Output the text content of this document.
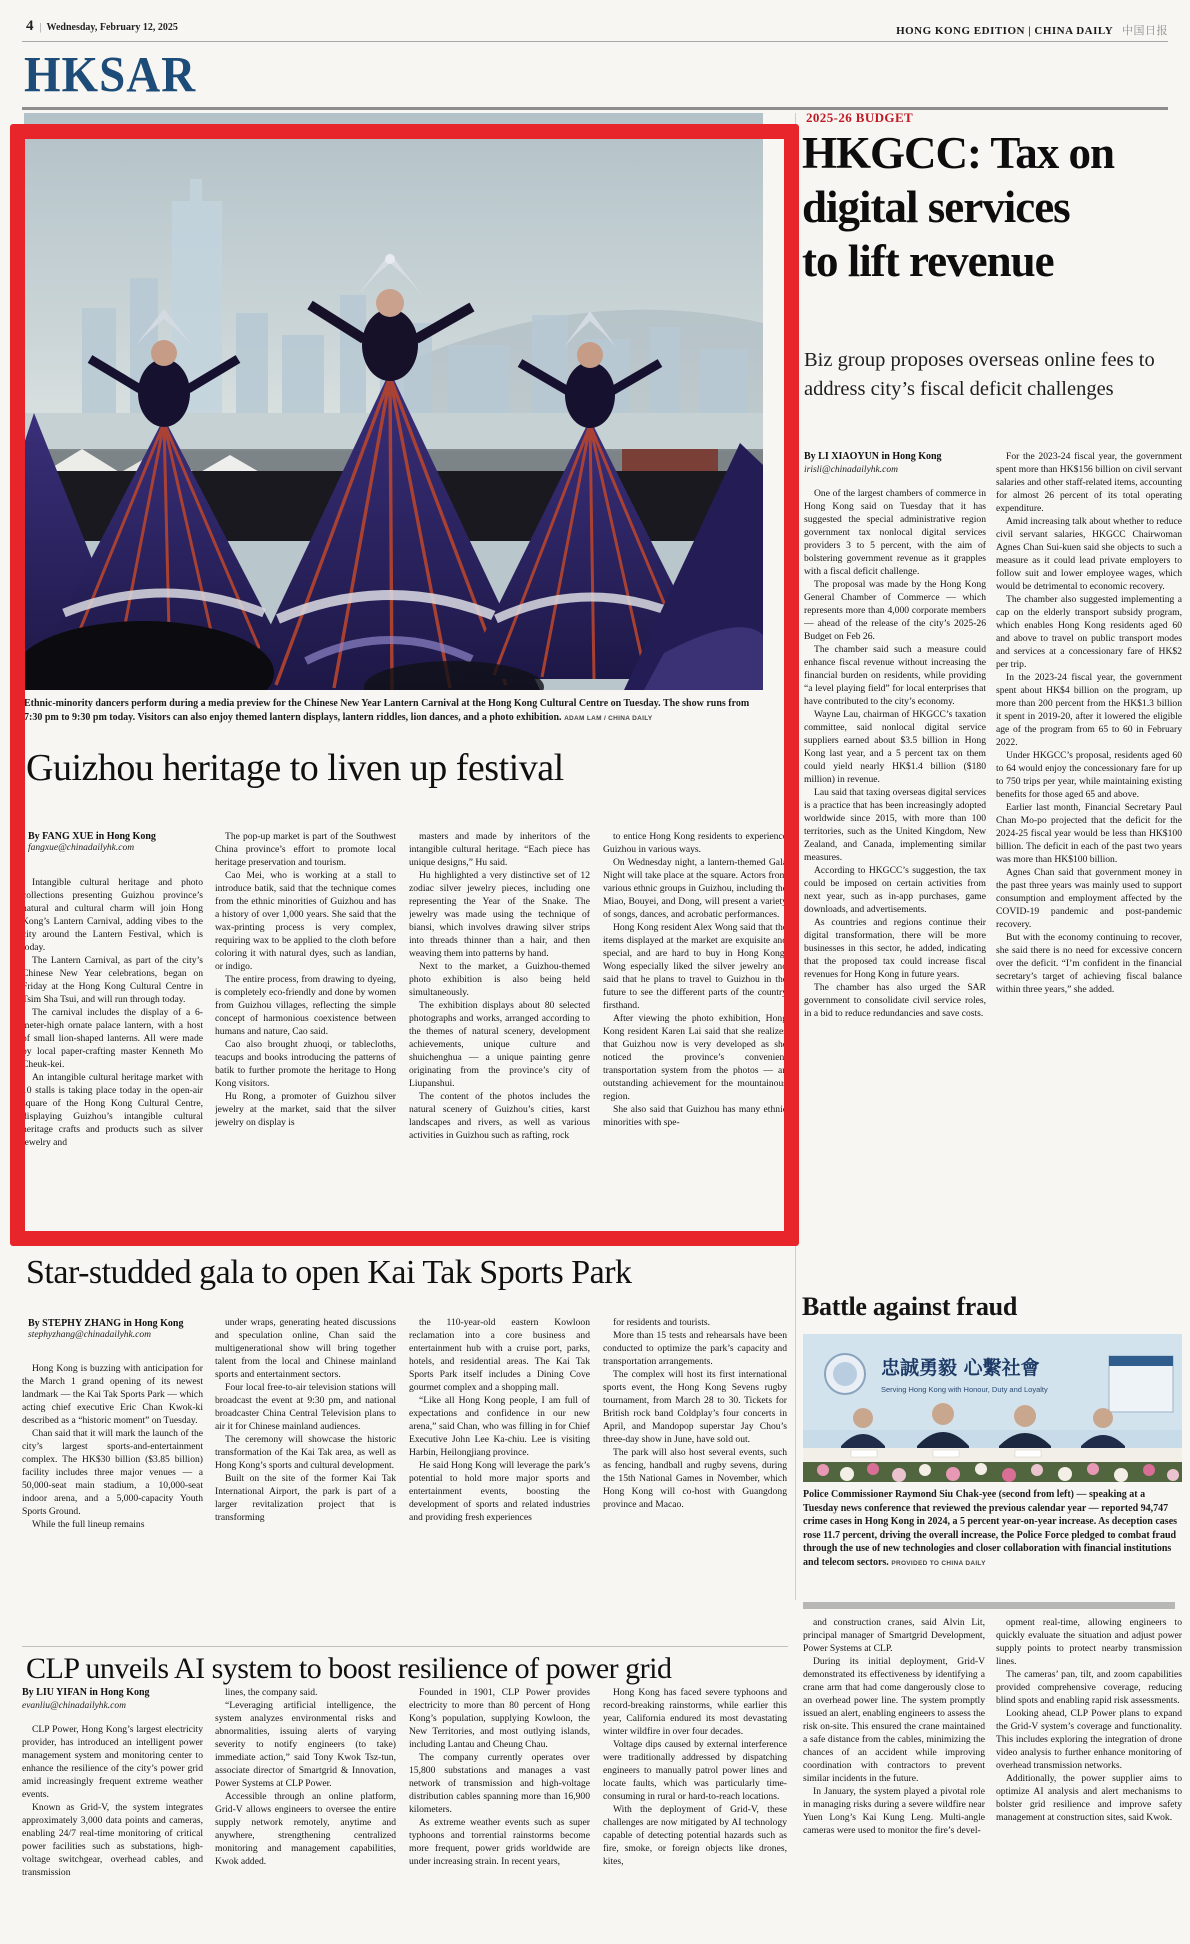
4 | Wednesday, February 12, 2025	HONG KONG EDITION | CHINA DAILY 中国日报
HKSAR
Ethnic-minority dancers perform during a media preview for the Chinese New Year Lantern Carnival at the Hong Kong Cultural Centre on Tuesday. The show runs from 7:30 pm to 9:30 pm today. Visitors can also enjoy themed lantern displays, lantern riddles, lion dances, and a photo exhibition. ADAM LAM / CHINA DAILY
Guizhou heritage to liven up festival
By FANG XUE in Hong Kong
fangxue@chinadailyhk.com

Intangible cultural heritage and photo collections presenting Guizhou province’s natural and cultural charm will join Hong Kong’s Lantern Carnival, adding vibes to the city around the Lantern Festival, which is today.

The Lantern Carnival, as part of the city’s Chinese New Year celebrations, began on Friday at the Hong Kong Cultural Centre in Tsim Sha Tsui, and will run through today.

The carnival includes the display of a 6-meter-high ornate palace lantern, with a host of small lion-shaped lanterns. All were made by local paper-crafting master Kenneth Mo Cheuk-kei.

An intangible cultural heritage market with 10 stalls is taking place today in the open-air square of the Hong Kong Cultural Centre, displaying Guizhou’s intangible cultural heritage crafts and products such as silver jewelry and

The pop-up market is part of the Southwest China province’s effort to promote local heritage preservation and tourism.

Cao Mei, who is working at a stall to introduce batik, said that the technique comes from the ethnic minorities of Guizhou and has a history of over 1,000 years. She said that the wax-printing process is very complex, requiring wax to be applied to the cloth before coloring it with natural dyes, such as landian, or indigo.

The entire process, from drawing to dyeing, is completely eco-friendly and done by women from Guizhou villages, reflecting the simple concept of harmonious coexistence between humans and nature, Cao said.

Cao also brought zhuoqi, or tablecloths, teacups and books introducing the patterns of batik to further promote the heritage to Hong Kong visitors.

Hu Rong, a promoter of Guizhou silver jewelry at the market, said that the silver jewelry on display is

masters and made by inheritors of the intangible cultural heritage. “Each piece has unique designs,” Hu said.

Hu highlighted a very distinctive set of 12 zodiac silver jewelry pieces, including one representing the Year of the Snake. The jewelry was made using the technique of biansi, which involves drawing silver strips into threads thinner than a hair, and then weaving them into patterns by hand.

Next to the market, a Guizhou-themed photo exhibition is also being held simultaneously.

The exhibition displays about 80 selected photographs and works, arranged according to the themes of natural scenery, development achievements, unique culture and shuichenghua — a unique painting genre originating from the province’s city of Liupanshui.

The content of the photos includes the natural scenery of Guizhou’s cities, karst landscapes and rivers, as well as various activities in Guizhou such as rafting, rock

to entice Hong Kong residents to experience Guizhou in various ways.

On Wednesday night, a lantern-themed Gala Night will take place at the square. Actors from various ethnic groups in Guizhou, including the Miao, Bouyei, and Dong, will present a variety of songs, dances, and acrobatic performances.

Hong Kong resident Alex Wong said that the items displayed at the market are exquisite and special, and are hard to buy in Hong Kong. Wong especially liked the silver jewelry and said that he plans to travel to Guizhou in the future to see the different parts of the country firsthand.

After viewing the photo exhibition, Hong Kong resident Karen Lai said that she realizes that Guizhou now is very developed as she noticed the province’s convenient transportation system from the photos — an outstanding achievement for the mountainous region.

She also said that Guizhou has many ethnic minorities with spe-

2025-26 BUDGET

HKGCC: Tax on

digital services

to lift revenue

Biz group proposes overseas online fees to address city’s fiscal deficit challenges
By LI XIAOYUN in Hong Kong
irisli@chinadailyhk.com

One of the largest chambers of commerce in Hong Kong said on Tuesday that it has suggested the special administrative region government tax nonlocal digital services providers 3 to 5 percent, with the aim of bolstering government revenue as it grapples with a fiscal deficit challenge.

The proposal was made by the Hong Kong General Chamber of Commerce — which represents more than 4,000 corporate members — ahead of the release of the city’s 2025-26 Budget on Feb 26.

The chamber said such a measure could enhance fiscal revenue without increasing the financial burden on residents, while providing “a level playing field” for local enterprises that have contributed to the city’s economy.

Wayne Lau, chairman of HKGCC’s taxation committee, said nonlocal digital service suppliers earned about $3.5 billion in Hong Kong last year, and a 5 percent tax on them could yield nearly HK$1.4 billion ($180 million) in revenue.

Lau said that taxing overseas digital services is a practice that has been increasingly adopted worldwide since 2015, with more than 100 territories, such as the United Kingdom, New Zealand, and Canada, implementing similar measures.

According to HKGCC’s suggestion, the tax could be imposed on certain activities from next year, such as in-app purchases, game downloads, and advertisements.

As countries and regions continue their digital transformation, there will be more businesses in this sector, he added, indicating that the proposed tax could increase fiscal revenues for Hong Kong in future years.

The chamber has also urged the SAR government to consolidate civil service roles, in a bid to reduce redundancies and save costs.

For the 2023-24 fiscal year, the government spent more than HK$156 billion on civil servant salaries and other staff-related items, accounting for almost 26 percent of its total operating expenditure.

Amid increasing talk about whether to reduce civil servant salaries, HKGCC Chairwoman Agnes Chan Sui-kuen said she objects to such a measure as it could lead private employers to follow suit and lower employee wages, which would be detrimental to economic recovery.

The chamber also suggested implementing a cap on the elderly transport subsidy program, which enables Hong Kong residents aged 60 and above to travel on public transport modes and services at a concessionary fare of HK$2 per trip.

In the 2023-24 fiscal year, the government spent about HK$4 billion on the program, up more than 200 percent from the HK$1.3 billion it spent in 2019-20, after it lowered the eligible age of the program from 65 to 60 in February 2022.

Under HKGCC’s proposal, residents aged 60 to 64 would enjoy the concessionary fare for up to 750 trips per year, while maintaining existing benefits for those aged 65 and above.

Earlier last month, Financial Secretary Paul Chan Mo-po projected that the deficit for the 2024-25 fiscal year would be less than HK$100 billion. The deficit in each of the past two years was more than HK$100 billion.

Agnes Chan said that government money in the past three years was mainly used to support consumption and employment affected by the COVID-19 pandemic and post-pandemic recovery.

But with the economy continuing to recover, she said there is no need for excessive concern over the deficit. “I’m confident in the financial secretary’s target of achieving fiscal balance within three years,” she added.

Battle against fraud
忠誠勇毅 心繫社會
Serving Hong Kong with Honour, Duty and Loyalty
Police Commissioner Raymond Siu Chak-yee (second from left) — speaking at a Tuesday news conference that reviewed the previous calendar year — reported 94,747 crime cases in Hong Kong in 2024, a 5 percent year-on-year increase. As deception cases rose 11.7 percent, driving the overall increase, the Police Force pledged to combat fraud through the use of new technologies and closer collaboration with financial institutions and telecom sectors. PROVIDED TO CHINA DAILY
Star-studded gala to open Kai Tak Sports Park
By STEPHY ZHANG in Hong Kong
stephyzhang@chinadailyhk.com

Hong Kong is buzzing with anticipation for the March 1 grand opening of its newest landmark — the Kai Tak Sports Park — which acting chief executive Eric Chan Kwok-ki described as a “historic moment” on Tuesday.

Chan said that it will mark the launch of the city’s largest sports-and-entertainment complex. The HK$30 billion ($3.85 billion) facility includes three major venues — a 50,000-seat main stadium, a 10,000-seat indoor arena, and a 5,000-capacity Youth Sports Ground.

While the full lineup remains

under wraps, generating heated discussions and speculation online, Chan said the multigenerational show will bring together talent from the local and Chinese mainland sports and entertainment sectors.

Four local free-to-air television stations will broadcast the event at 9:30 pm, and national broadcaster China Central Television plans to air it for Chinese mainland audiences.

The ceremony will showcase the historic transformation of the Kai Tak area, as well as Hong Kong’s sports and cultural development.

Built on the site of the former Kai Tak International Airport, the park is part of a larger revitalization project that is transforming

the 110-year-old eastern Kowloon reclamation into a core business and entertainment hub with a cruise port, parks, hotels, and residential areas. The Kai Tak Sports Park itself includes a Dining Cove gourmet complex and a shopping mall.

“Like all Hong Kong people, I am full of expectations and confidence in our new arena,” said Chan, who was filling in for Chief Executive John Lee Ka-chiu. Lee is visiting Harbin, Heilongjiang province.

He said Hong Kong will leverage the park’s potential to hold more major sports and entertainment events, boosting the development of sports and related industries and providing fresh experiences

for residents and tourists.

More than 15 tests and rehearsals have been conducted to optimize the park’s capacity and transportation arrangements.

The complex will host its first international sports event, the Hong Kong Sevens rugby tournament, from March 28 to 30. Tickets for British rock band Coldplay’s four concerts in April, and Mandopop superstar Jay Chou’s three-day show in June, have sold out.

The park will also host several events, such as fencing, handball and rugby sevens, during the 15th National Games in November, which Hong Kong will co-host with Guangdong province and Macao.

CLP unveils AI system to boost resilience of power grid
By LIU YIFAN in Hong Kong
evanliu@chinadailyhk.com

CLP Power, Hong Kong’s largest electricity provider, has introduced an intelligent power management system and monitoring center to enhance the resilience of the city’s power grid amid increasingly frequent extreme weather events.

Known as Grid-V, the system integrates approximately 3,000 data points and cameras, enabling 24/7 real-time monitoring of critical power facilities such as substations, high-voltage switchgear, overhead cables, and transmission

lines, the company said.

“Leveraging artificial intelligence, the system analyzes environmental risks and abnormalities, issuing alerts of varying severity to notify engineers (to take) immediate action,” said Tony Kwok Tsz-tun, associate director of Smartgrid & Innovation, Power Systems at CLP Power.

Accessible through an online platform, Grid-V allows engineers to oversee the entire supply network remotely, anytime and anywhere, strengthening centralized monitoring and management capabilities, Kwok added.

Founded in 1901, CLP Power provides electricity to more than 80 percent of Hong Kong’s population, supplying Kowloon, the New Territories, and most outlying islands, including Lantau and Cheung Chau.

The company currently operates over 15,800 substations and manages a vast network of transmission and high-voltage distribution cables spanning more than 16,900 kilometers.

As extreme weather events such as super typhoons and torrential rainstorms become more frequent, power grids worldwide are under increasing strain. In recent years,

Hong Kong has faced severe typhoons and record-breaking rainstorms, while earlier this year, California endured its most devastating winter wildfire in over four decades.

Voltage dips caused by external interference were traditionally addressed by dispatching engineers to manually patrol power lines and locate faults, which was particularly time-consuming in rural or hard-to-reach locations.

With the deployment of Grid-V, these challenges are now mitigated by AI technology capable of detecting potential hazards such as fire, smoke, or foreign objects like drones, kites,

and construction cranes, said Alvin Lit, principal manager of Smartgrid Development, Power Systems at CLP.

During its initial deployment, Grid-V demonstrated its effectiveness by identifying a crane arm that had come dangerously close to an overhead power line. The system promptly issued an alert, enabling engineers to assess the risk on-site. This ensured the crane maintained a safe distance from the cables, minimizing the chances of an accident while improving coordination with contractors to prevent similar incidents in the future.

In January, the system played a pivotal role in managing risks during a severe wildfire near Yuen Long’s Kai Kung Leng. Multi-angle cameras were used to monitor the fire’s devel-

opment real-time, allowing engineers to quickly evaluate the situation and adjust power supply points to protect nearby transmission lines.

The cameras’ pan, tilt, and zoom capabilities provided comprehensive coverage, reducing blind spots and enabling rapid risk assessments.

Looking ahead, CLP Power plans to expand the Grid-V system’s coverage and functionality. This includes exploring the integration of drone video analysis to further enhance monitoring of overhead transmission networks.

Additionally, the power supplier aims to optimize AI analysis and alert mechanisms to bolster grid resilience and improve safety management at construction sites, said Kwok.
